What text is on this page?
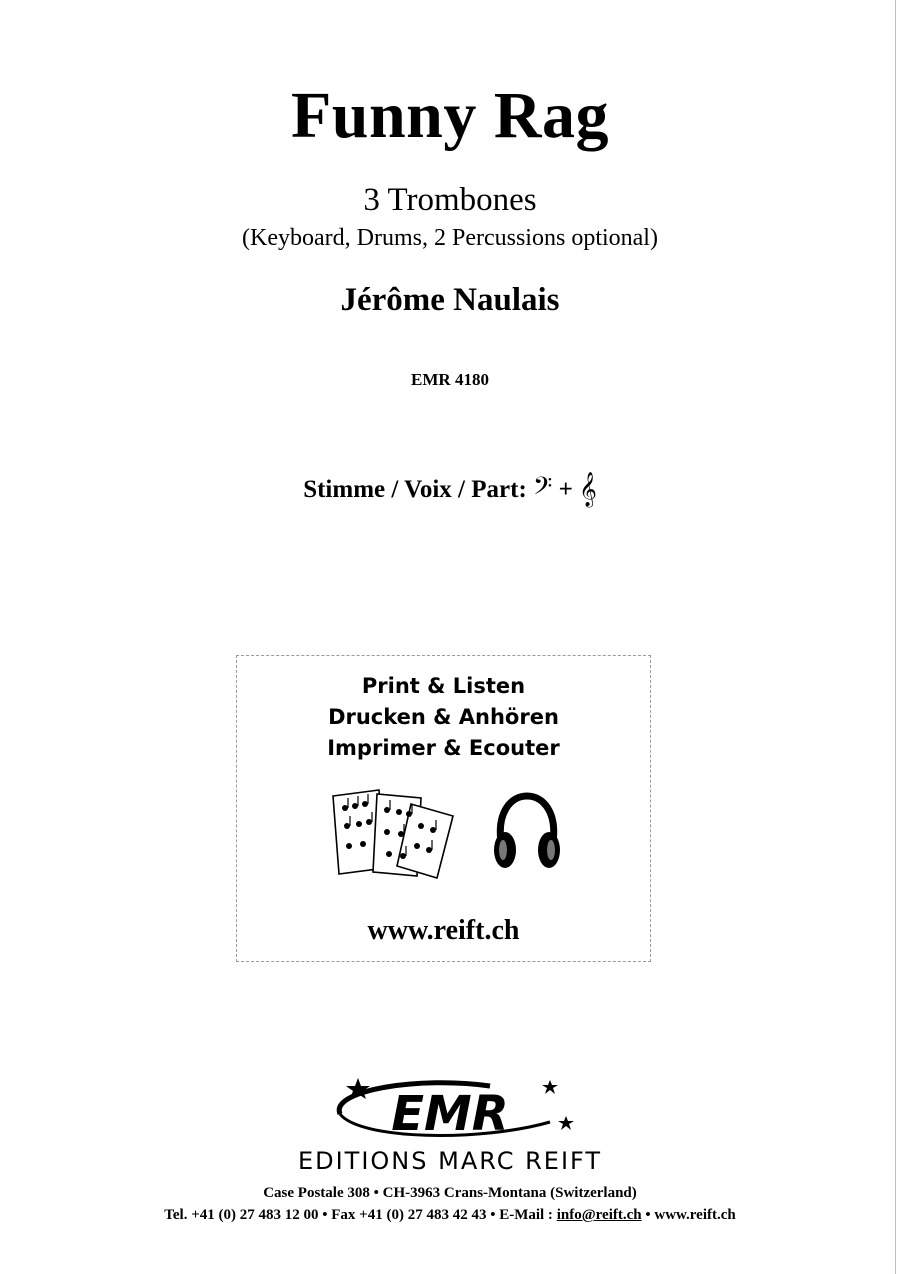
Funny Rag
3 Trombones
(Keyboard, Drums, 2 Percussions optional)
Jérôme Naulais
EMR 4180
Stimme / Voix / Part: 𝄢 + 𝄞
Print & Listen
Drucken & Anhören
Imprimer & Ecouter
www.reift.ch
EMR
EDITIONS MARC REIFT
Case Postale 308 • CH-3963 Crans-Montana (Switzerland)
Tel. +41 (0) 27 483 12 00 • Fax +41 (0) 27 483 42 43 • E-Mail : info@reift.ch • www.reift.ch
